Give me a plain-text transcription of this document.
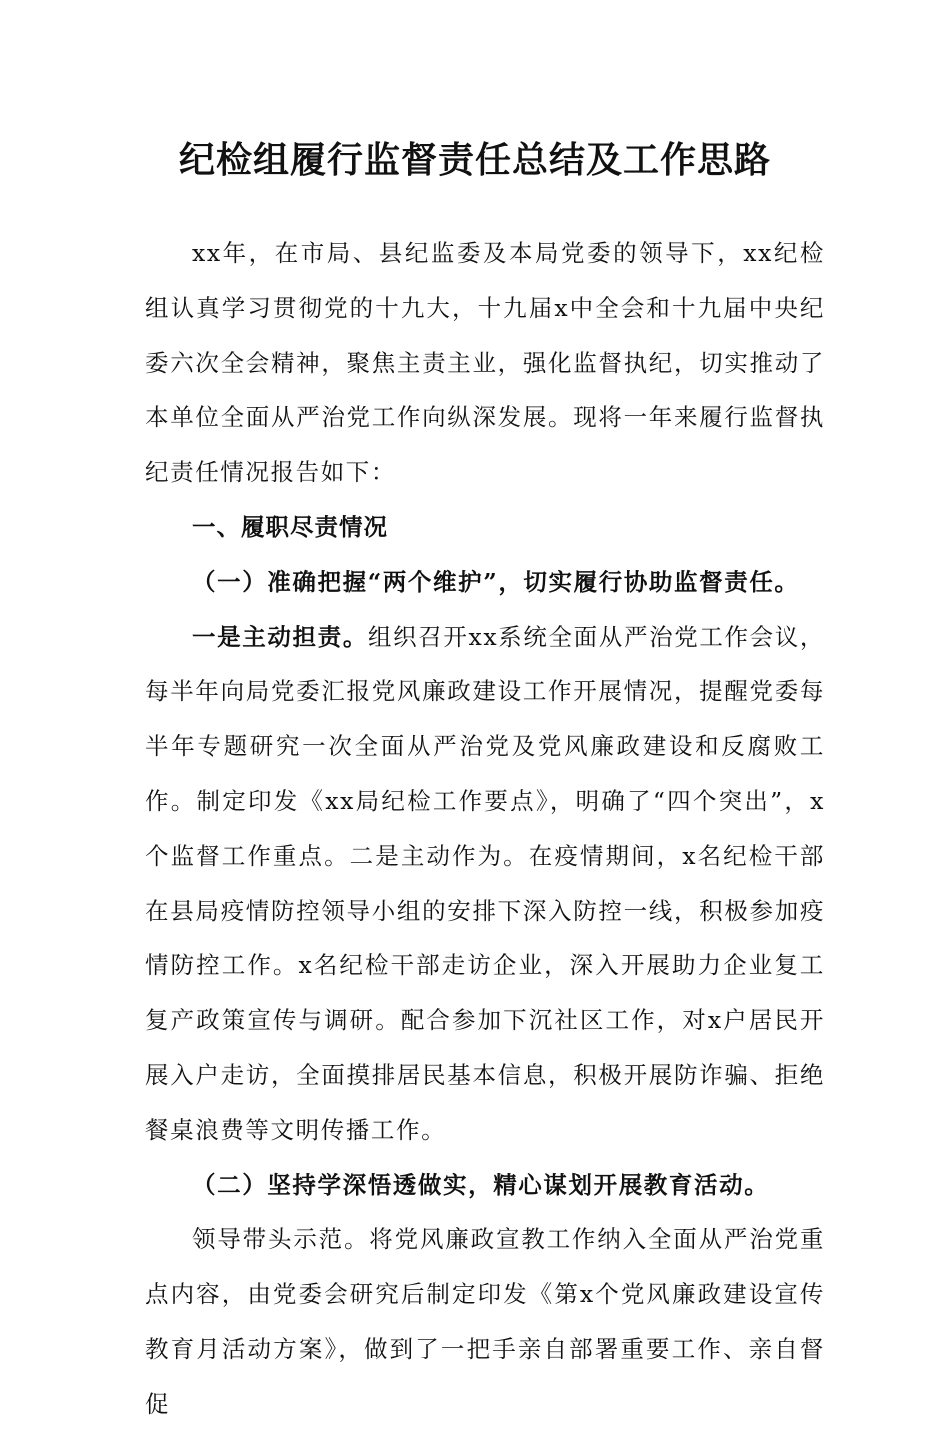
纪检组履行监督责任总结及工作思路

xx年，在市局、县纪监委及本局党委的领导下，xx纪检组认真学习贯彻党的十九大，十九届x中全会和十九届中央纪委六次全会精神，聚焦主责主业，强化监督执纪，切实推动了本单位全面从严治党工作向纵深发展。现将一年来履行监督执纪责任情况报告如下：

一、履职尽责情况

（一）准确把握“两个维护”，切实履行协助监督责任。

一是主动担责。组织召开xx系统全面从严治党工作会议，每半年向局党委汇报党风廉政建设工作开展情况，提醒党委每半年专题研究一次全面从严治党及党风廉政建设和反腐败工作。制定印发《xx局纪检工作要点》，明确了“四个突出”，x个监督工作重点。二是主动作为。在疫情期间，x名纪检干部在县局疫情防控领导小组的安排下深入防控一线，积极参加疫情防控工作。x名纪检干部走访企业，深入开展助力企业复工复产政策宣传与调研。配合参加下沉社区工作，对x户居民开展入户走访，全面摸排居民基本信息，积极开展防诈骗、拒绝餐桌浪费等文明传播工作。

（二）坚持学深悟透做实，精心谋划开展教育活动。

领导带头示范。将党风廉政宣教工作纳入全面从严治党重点内容，由党委会研究后制定印发《第x个党风廉政建设宣传教育月活动方案》，做到了一把手亲自部署重要工作、亲自督促
